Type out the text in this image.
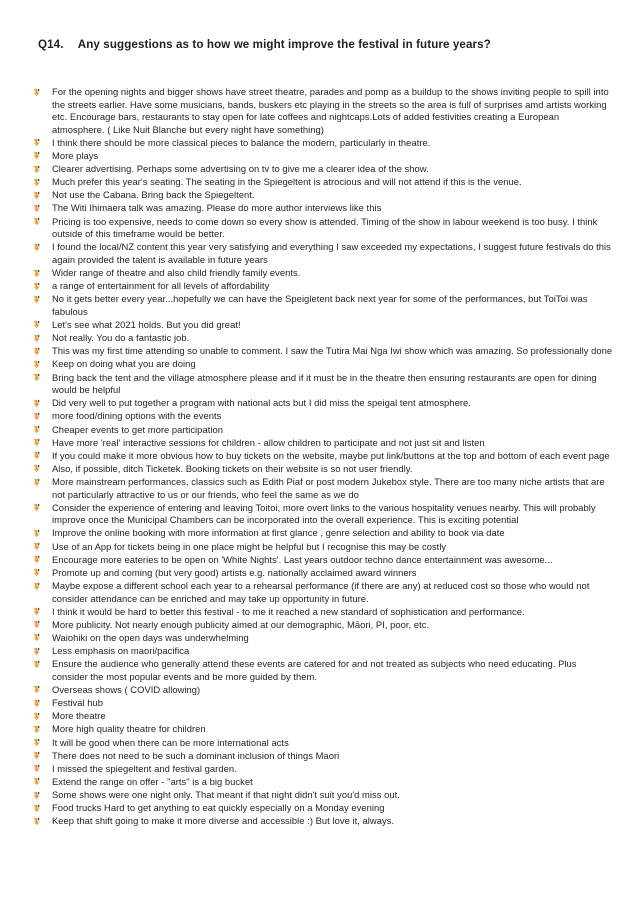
Q14. Any suggestions as to how we might improve the festival in future years?
For the opening nights and bigger shows have street theatre, parades and pomp as a buildup to the shows inviting people to spill into the streets earlier. Have some musicians, bands, buskers etc playing in the streets so the area is full of surprises amd artists working etc. Encourage bars, restaurants to stay open for late coffees and nightcaps.Lots of added festivities creating a European atmosphere. ( Like Nuit Blanche but every night have something)
I think there should be more classical pieces to balance the modern, particularly in theatre.
More plays
Clearer advertising. Perhaps some advertising on tv to give me a clearer idea of the show.
Much prefer this year's seating. The seating in the Spiegeltent is atrocious and will not attend if this is the venue.
Not use the Cabana. Bring back the Spiegeltent.
The Witi Ihimaera talk was amazing. Please do more author interviews like this
Pricing is too expensive, needs to come down so every show is attended. Timing of the show in labour weekend is too busy. I think outside of this timeframe would be better.
I found the local/NZ content this year very satisfying and everything I saw exceeded my expectations, I suggest future festivals do this again provided the talent is available in future years
Wider range of theatre and also child friendly family events.
a range of entertainment for all levels of affordability
No it gets better every year...hopefully we can have the Speigletent back next year for some of the performances, but ToiToi was fabulous
Let's see what 2021 holds. But you did great!
Not really. You do a fantastic job.
This was my first time attending so unable to comment. I saw the Tutira Mai Nga Iwi show which was amazing. So professionally done
Keep on doing what you are doing
Bring back the tent and the village atmosphere please and if it must be in the theatre then ensuring restaurants are open for dining would be helpful
Did very well to put together a program with national acts but I did miss the speigal tent atmosphere.
more food/dining options with the events
Cheaper events to get more participation
Have more 'real' interactive sessions for children - allow children to participate and not just sit and listen
If you could make it more obvious how to buy tickets on the website, maybe put link/buttons at the top and bottom of each event page
Also, if possible, ditch Ticketek. Booking tickets on their website is so not user friendly.
More mainstream performances, classics such as Edith Piaf or post modern Jukebox style. There are too many niche artists that are not particularly attractive to us or our friends, who feel the same as we do
Consider the experience of entering and leaving Toitoi, more overt links to the various hospitality venues nearby. This will probably improve once the Municipal Chambers can be incorporated into the overall experience. This is exciting potential
Improve the online booking with more information at first glance , genre selection and ability to book via date
Use of an App for tickets being in one place might be helpful but I recognise this may be costly
Encourage more eateries to be open on 'White Nights'. Last years outdoor techno dance entertainment was awesome...
Promote up and coming (but very good) artists e.g. nationally acclaimed award winners
Maybe expose a different school each year to a rehearsal performance (if there are any) at reduced cost so those who would not consider attendance can be enriched and may take up opportunity in future.
I think it would be hard to better this festival - to me it reached a new standard of sophistication and performance.
More publicity. Not nearly enough publicity aimed at our demographic, Māori, PI, poor, etc.
Waiohiki on the open days was underwhelming
Less emphasis on maori/pacifica
Ensure the audience who generally attend these events are catered for and not treated as subjects who need educating. Plus consider the most popular events and be more guided by them.
Overseas shows ( COVID allowing)
Festival hub
More theatre
More high quality theatre for children
It will be good when there can be more international acts
There does not need to be such a dominant inclusion of things Maori
I missed the spiegeltent and festival garden.
Extend the range on offer - "arts" is a big bucket
Some shows were one night only. That meant if that night didn't suit you'd miss out.
Food trucks Hard to get anything to eat quickly especially on a Monday evening
Keep that shift going to make it more diverse and accessible :) But love it, always.
